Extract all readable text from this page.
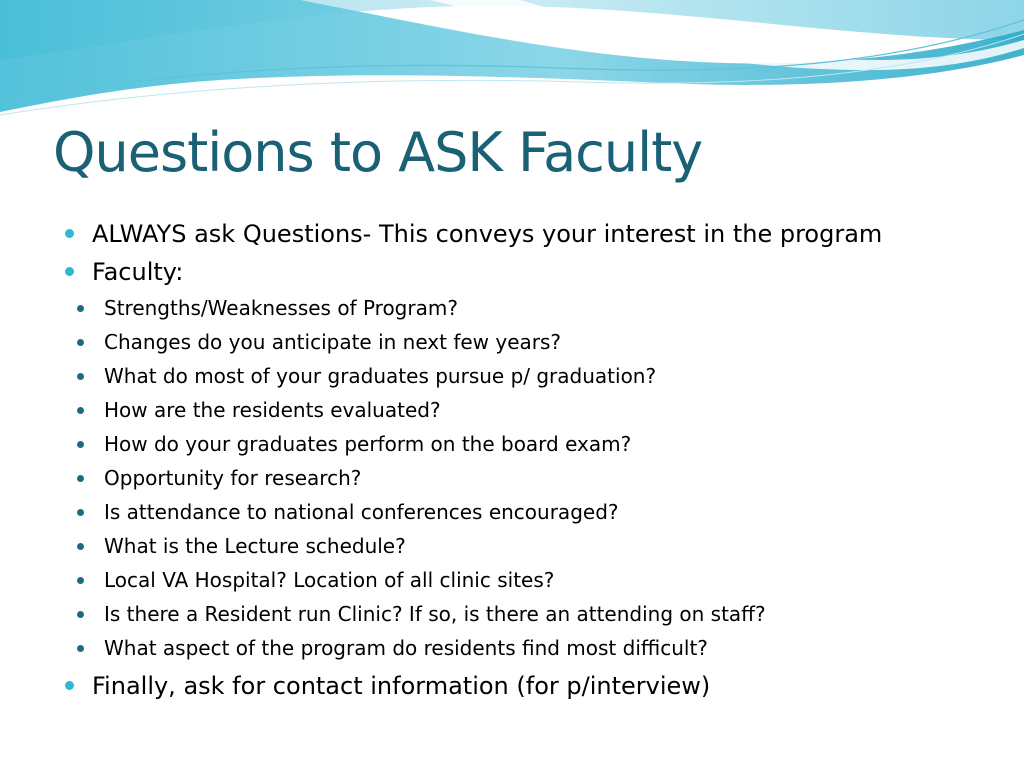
Questions to ASK Faculty
ALWAYS ask Questions- This conveys your interest in the program
Faculty:
Strengths/Weaknesses of Program?
Changes do you anticipate in next few years?
What do most of your graduates pursue p/ graduation?
How are the residents evaluated?
How do your graduates perform on the board exam?
Opportunity for research?
Is attendance to national conferences encouraged?
What is the Lecture schedule?
Local VA Hospital? Location of all clinic sites?
Is there a Resident run Clinic? If so, is there an attending on staff?
What aspect of the program do residents find most difficult?
Finally, ask for contact information (for p/interview)
